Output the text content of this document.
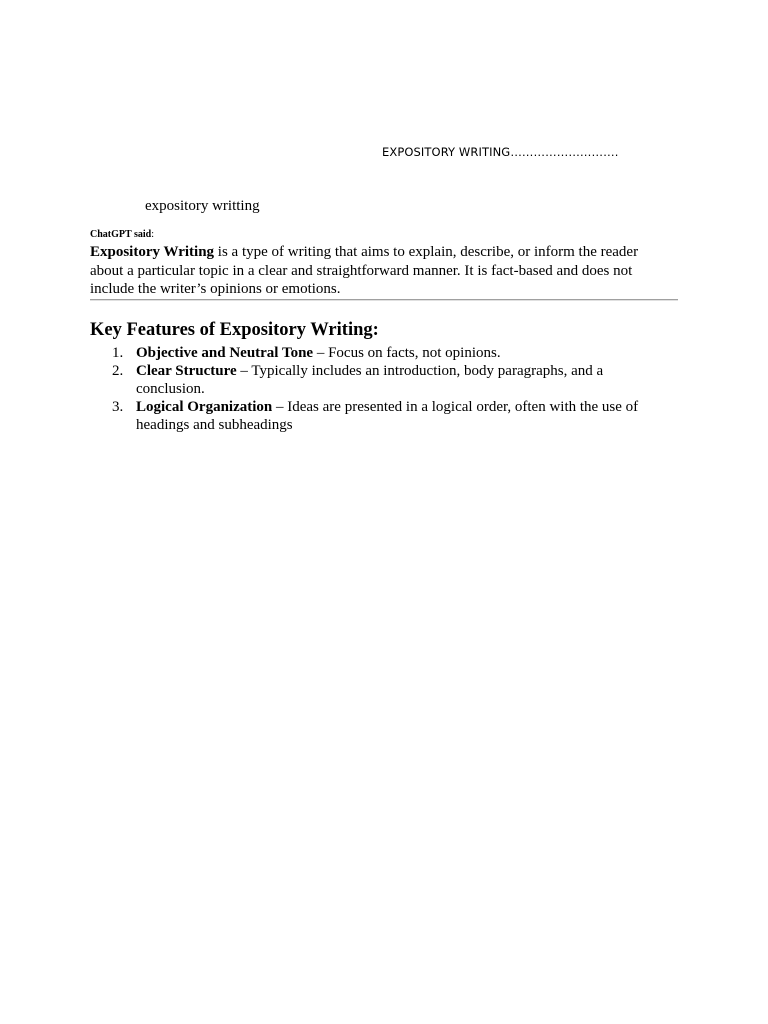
EXPOSITORY WRITING……………………….
expository writting
ChatGPT said:

Expository Writing is a type of writing that aims to explain, describe, or inform the reader about a particular topic in a clear and straightforward manner. It is fact-based and does not include the writer’s opinions or emotions.

Key Features of Expository Writing:
1. Objective and Neutral Tone – Focus on facts, not opinions.
2. Clear Structure – Typically includes an introduction, body paragraphs, and a conclusion.
3. Logical Organization – Ideas are presented in a logical order, often with the use of headings and subheadings
